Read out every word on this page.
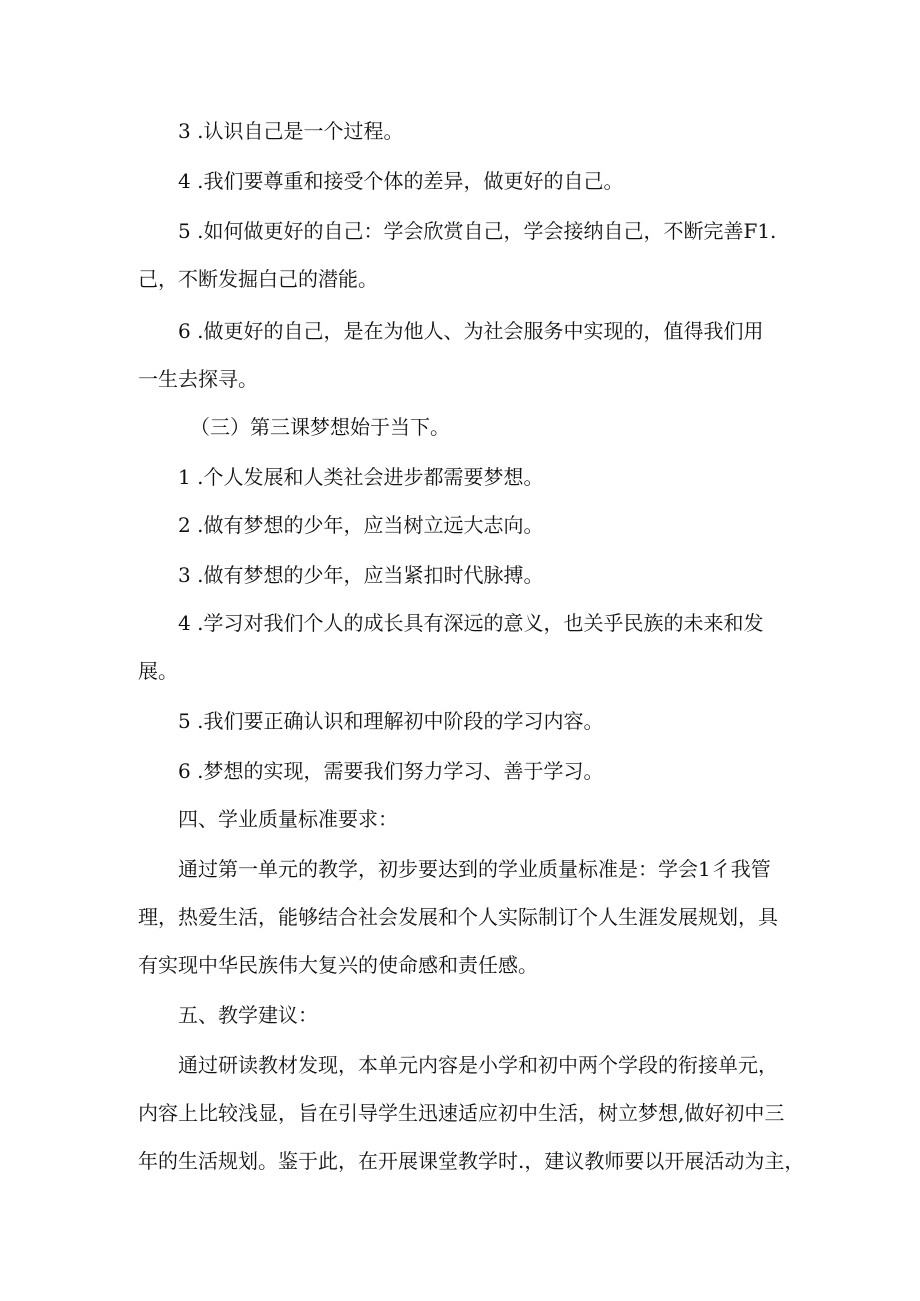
3 .认识自己是一个过程。
4 .我们要尊重和接受个体的差异，做更好的自己。
5 .如何做更好的自己：学会欣赏自己，学会接纳自己，不断完善F1.
己，不断发掘白己的潜能。
6 .做更好的自己，是在为他人、为社会服务中实现的，值得我们用
一生去探寻。
（三）第三课梦想始于当下。
1 .个人发展和人类社会进步都需要梦想。
2 .做有梦想的少年，应当树立远大志向。
3 .做有梦想的少年，应当紧扣时代脉搏。
4 .学习对我们个人的成长具有深远的意义，也关乎民族的未来和发
展。
5 .我们要正确认识和理解初中阶段的学习内容。
6 .梦想的实现，需要我们努力学习、善于学习。
四、学业质量标准要求：
通过第一单元的教学，初步要达到的学业质量标准是：学会1彳我管
理，热爱生活，能够结合社会发展和个人实际制订个人生涯发展规划，具
有实现中华民族伟大复兴的使命感和责任感。
五、教学建议：
通过研读教材发现，本单元内容是小学和初中两个学段的衔接单元，
内容上比较浅显，旨在引导学生迅速适应初中生活，树立梦想,做好初中三
年的生活规划。鉴于此，在开展课堂教学时.，建议教师要以开展活动为主，
